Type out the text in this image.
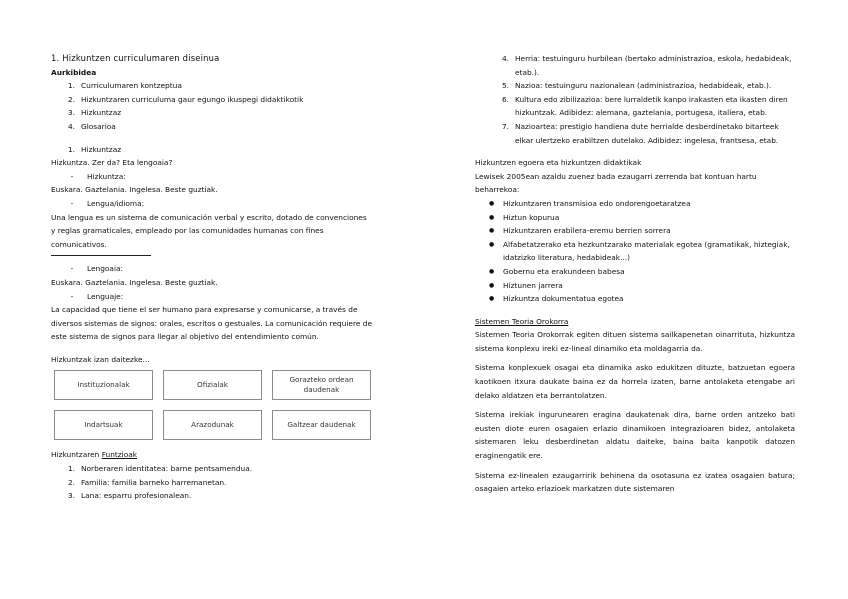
1. Hizkuntzen curriculumaren diseinua
Aurkibidea
1. Curriculumaren kontzeptua
2. Hizkuntzaren curriculuma gaur egungo ikuspegi didaktikotik
3. Hizkuntzaz
4. Glosarioa
1. Hizkuntzaz
Hizkuntza. Zer da? Eta lengoaia?
- Hizkuntza:
Euskara. Gaztelania. Ingelesa. Beste guztiak.
- Lengua/idioma:
Una lengua es un sistema de comunicación verbal y escrito, dotado de convenciones y reglas gramaticales, empleado por las comunidades humanas con fines comunicativos.
- Lengoaia:
Euskara. Gaztelania. Ingelesa. Beste guztiak.
- Lenguaje:
La capacidad que tiene el ser humano para expresarse y comunicarse, a través de diversos sistemas de signos: orales, escritos o gestuales. La comunicación requiere de este sistema de signos para llegar al objetivo del entendimiento común.
Hizkuntzak izan daitezke...
Instituzionalak	Ofizialak
Gorazteko ordean daudenak
Indartsuak	Arazodunak	Galtzear daudenak
Hizkuntzaren Funtzioak
1. Norberaren identitatea: barne pentsamendua.
2. Familia: familia barneko harremanetan.
3. Lana: esparru profesionalean.
4. Herria: testuinguru hurbilean (bertako administrazioa, eskola, hedabideak, etab.).
5. Nazioa: testuinguru nazionalean (administrazioa, hedabideak, etab.).
6. Kultura edo zibilizazioa: bere lurraldetik kanpo irakasten eta ikasten diren hizkuntzak. Adibidez: alemana, gaztelania, portugesa, italiera, etab.
7. Nazioartea: prestigio handiena dute herrialde desberdinetako bitarteek elkar ulertzeko erabiltzen dutelako. Adibidez: ingelesa, frantsesa, etab.
Hizkuntzen egoera eta hizkuntzen didaktikak
Lewisek 2005ean azaldu zuenez bada ezaugarri zerrenda bat kontuan hartu
beharrekoa:
● Hizkuntzaren transmisioa edo ondorengoetaratzea
● Hiztun kopurua
● Hizkuntzaren erabilera-eremu berrien sorrera
● Alfabetatzerako eta hezkuntzarako materialak egotea (gramatikak, hiztegiak, idatzizko literatura, hedabideak...)
● Gobernu eta erakundeen babesa
● Hiztunen jarrera
● Hizkuntza dokumentatua egotea
Sistemen Teoria Orokorra
Sistemen Teoria Orokorrak egiten dituen sistema sailkapenetan oinarrituta, hizkuntza sistema konplexu ireki ez-lineal dinamiko eta moldagarria da.
Sistema konplexuek osagai eta dinamika asko edukitzen dituzte, batzuetan egoera kaotikoen itxura daukate baina ez da horrela izaten, barne antolaketa etengabe ari delako aldatzen eta berrantolatzen.
Sistema irekiak ingurunearen eragina daukatenak dira, barne orden antzeko bati eusten diote euren osagaien erlazio dinamikoen integrazioaren bidez, antolaketa sistemaren leku desberdinetan aldatu daiteke, baina baita kanpotik datozen eraginengatik ere.
Sistema ez-linealen ezaugarririk behinena da osotasuna ez izatea osagaien batura; osagaien arteko erlazioek markatzen dute sistemaren
